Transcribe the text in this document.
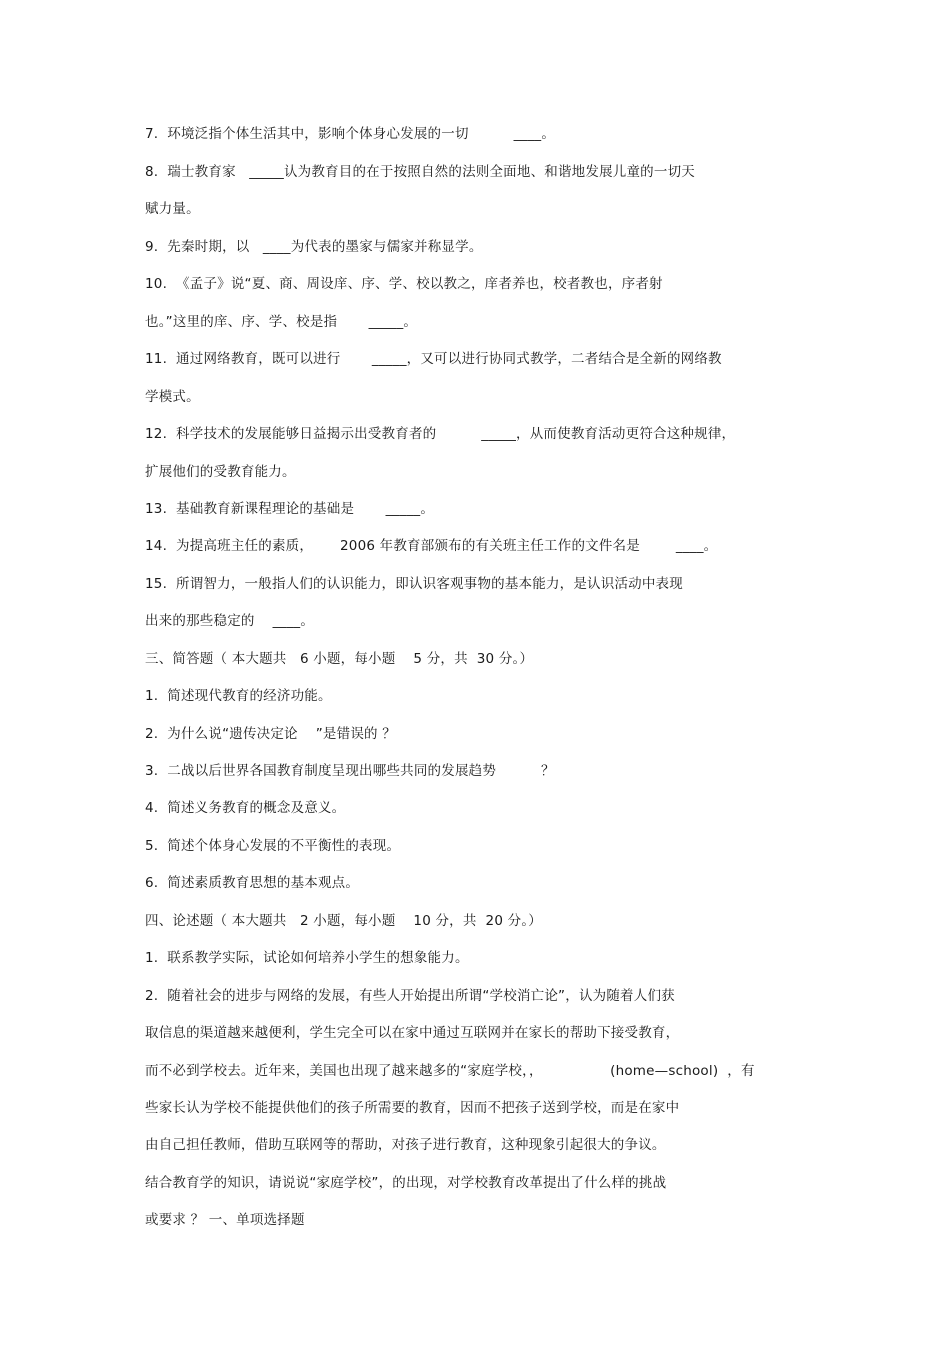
7.  环境泛指个体生活其中，影响个体身心发展的一切          ____。
8.  瑞士教育家   _____认为教育目的在于按照自然的法则全面地、和谐地发展儿童的一切天
赋力量。
9.  先秦时期，以   ____为代表的墨家与儒家并称显学。
10.  《孟子》说“夏、商、周设庠、序、学、校以教之，庠者养也，校者教也，序者射
也。”这里的庠、序、学、校是指       _____。
11.  通过网络教育，既可以进行       _____，又可以进行协同式教学，二者结合是全新的网络教
学模式。
12.  科学技术的发展能够日益揭示出受教育者的          _____，从而使教育活动更符合这种规律，
扩展他们的受教育能力。
13.  基础教育新课程理论的基础是       _____。
14.  为提高班主任的素质，      2006 年教育部颁布的有关班主任工作的文件名是        ____。
15.  所谓智力，一般指人们的认识能力，即认识客观事物的基本能力，是认识活动中表现
出来的那些稳定的    ____。
三、简答题（ 本大题共   6 小题，每小题    5 分，共  30 分。）
1.  简述现代教育的经济功能。
2.  为什么说“遗传决定论    ”是错误的 ？
3.  二战以后世界各国教育制度呈现出哪些共同的发展趋势          ？
4.  简述义务教育的概念及意义。
5.  简述个体身心发展的不平衡性的表现。
6.  简述素质教育思想的基本观点。
四、论述题（ 本大题共   2 小题，每小题    10 分，共  20 分。）
1.  联系教学实际，试论如何培养小学生的想象能力。
2.  随着社会的进步与网络的发展，有些人开始提出所谓“学校消亡论”，认为随着人们获
取信息的渠道越来越便利，学生完全可以在家中通过互联网并在家长的帮助下接受教育，
而不必到学校去。近年来，美国也出现了越来越多的“家庭学校，，               (home—school)  ，有
些家长认为学校不能提供他们的孩子所需要的教育，因而不把孩子送到学校，而是在家中
由自己担任教师，借助互联网等的帮助，对孩子进行教育，这种现象引起很大的争议。
结合教育学的知识，请说说“家庭学校”，的出现，对学校教育改革提出了什么样的挑战
或要求 ？ 一、单项选择题
